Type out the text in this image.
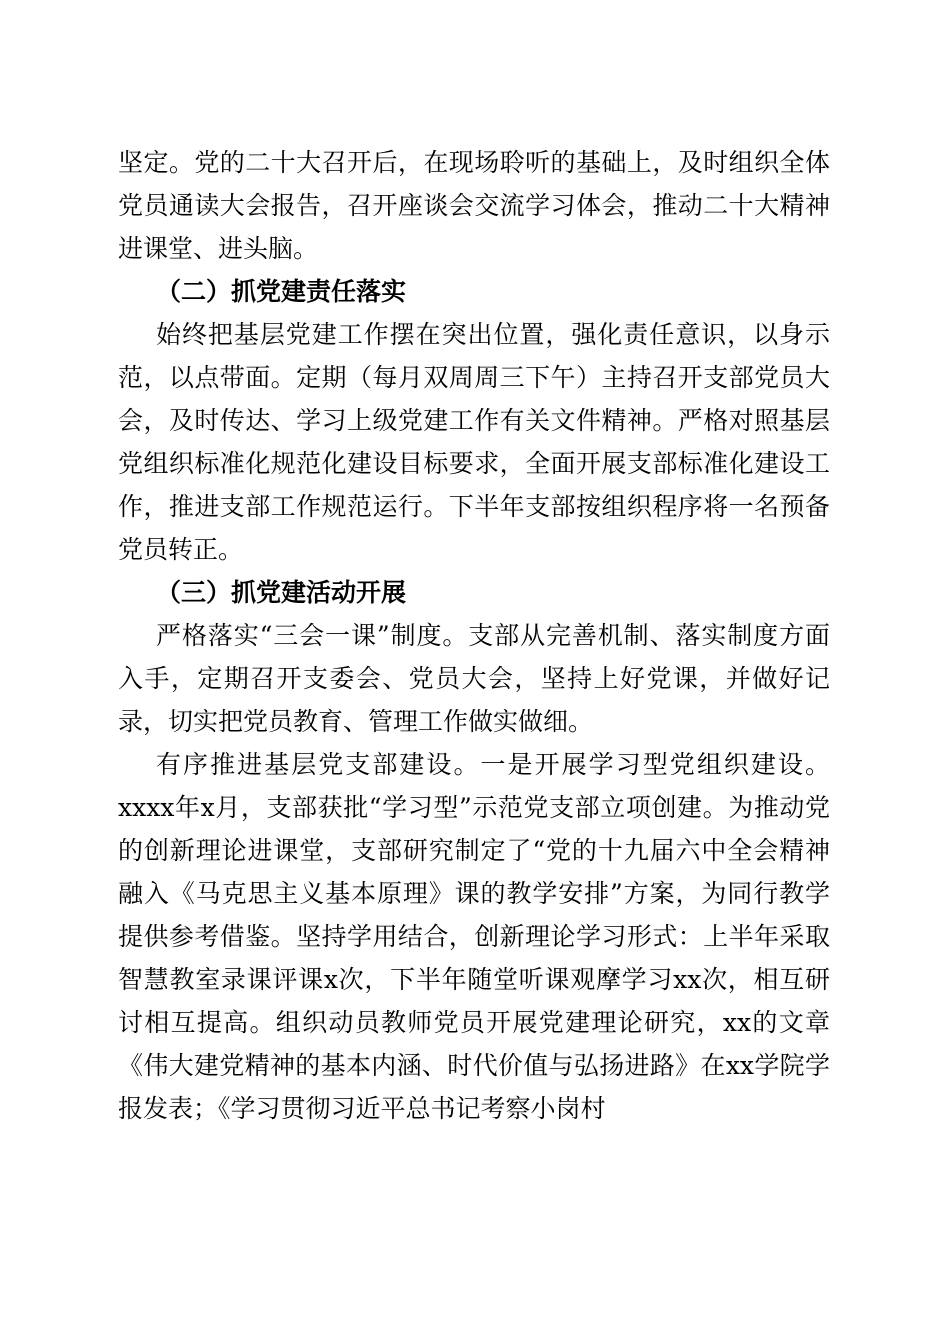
坚定。党的二十大召开后，在现场聆听的基础上，及时组织全体党员通读大会报告，召开座谈会交流学习体会，推动二十大精神进课堂、进头脑。

（二）抓党建责任落实

始终把基层党建工作摆在突出位置，强化责任意识，以身示范，以点带面。定期（每月双周周三下午）主持召开支部党员大会，及时传达、学习上级党建工作有关文件精神。严格对照基层党组织标准化规范化建设目标要求，全面开展支部标准化建设工作，推进支部工作规范运行。下半年支部按组织程序将一名预备党员转正。

（三）抓党建活动开展

严格落实“三会一课”制度。支部从完善机制、落实制度方面入手，定期召开支委会、党员大会，坚持上好党课，并做好记录，切实把党员教育、管理工作做实做细。

有序推进基层党支部建设。一是开展学习型党组织建设。xxxx年x月，支部获批“学习型”示范党支部立项创建。为推动党的创新理论进课堂，支部研究制定了“党的十九届六中全会精神融入《马克思主义基本原理》课的教学安排”方案，为同行教学提供参考借鉴。坚持学用结合，创新理论学习形式：上半年采取智慧教室录课评课x次，下半年随堂听课观摩学习xx次，相互研讨相互提高。组织动员教师党员开展党建理论研究，xx的文章《伟大建党精神的基本内涵、时代价值与弘扬进路》在xx学院学报发表；《学习贯彻习近平总书记考察小岗村
